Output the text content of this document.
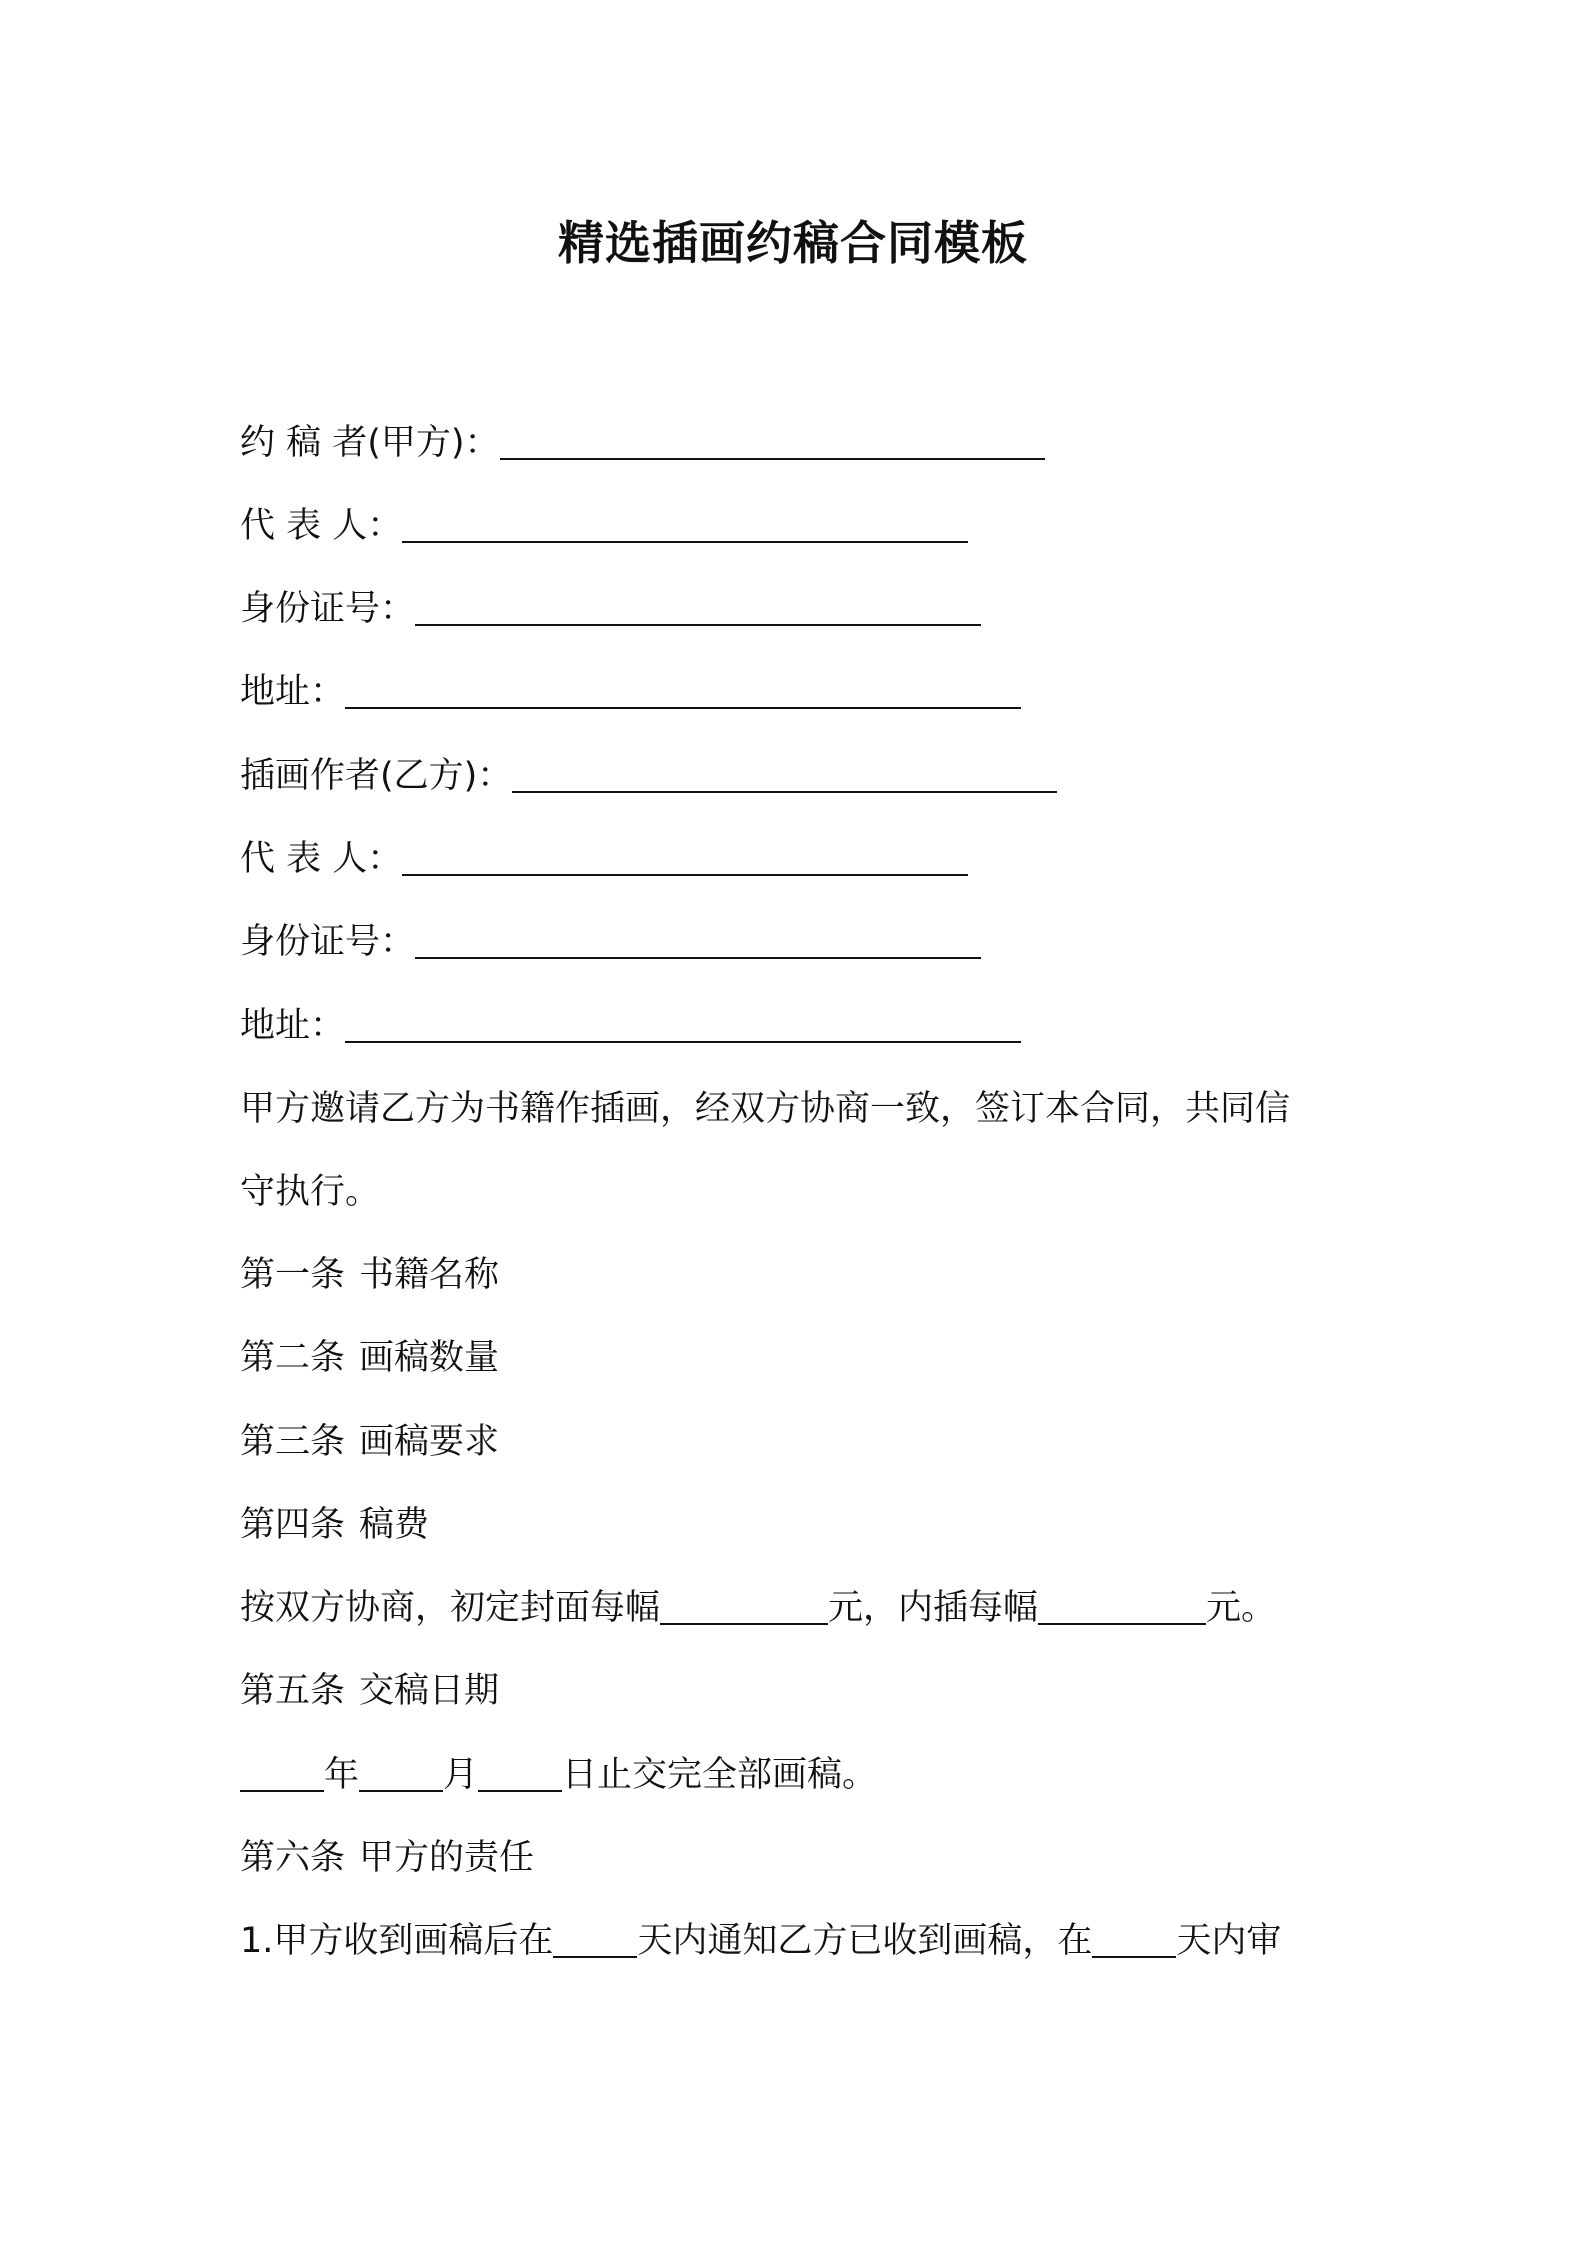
精选插画约稿合同模板
约 稿 者(甲方)：
代 表 人：
身份证号：
地址：
插画作者(乙方)：
代 表 人：
身份证号：
地址：
甲方邀请乙方为书籍作插画，经双方协商一致，签订本合同，共同信
守执行。
第一条 书籍名称
第二条 画稿数量
第三条 画稿要求
第四条 稿费
按双方协商，初定封面每幅	元，内插每幅	元。
第五条 交稿日期
年 月 日止交完全部画稿。
第六条 甲方的责任
1.甲方收到画稿后在 天内通知乙方已收到画稿，在 天内审
